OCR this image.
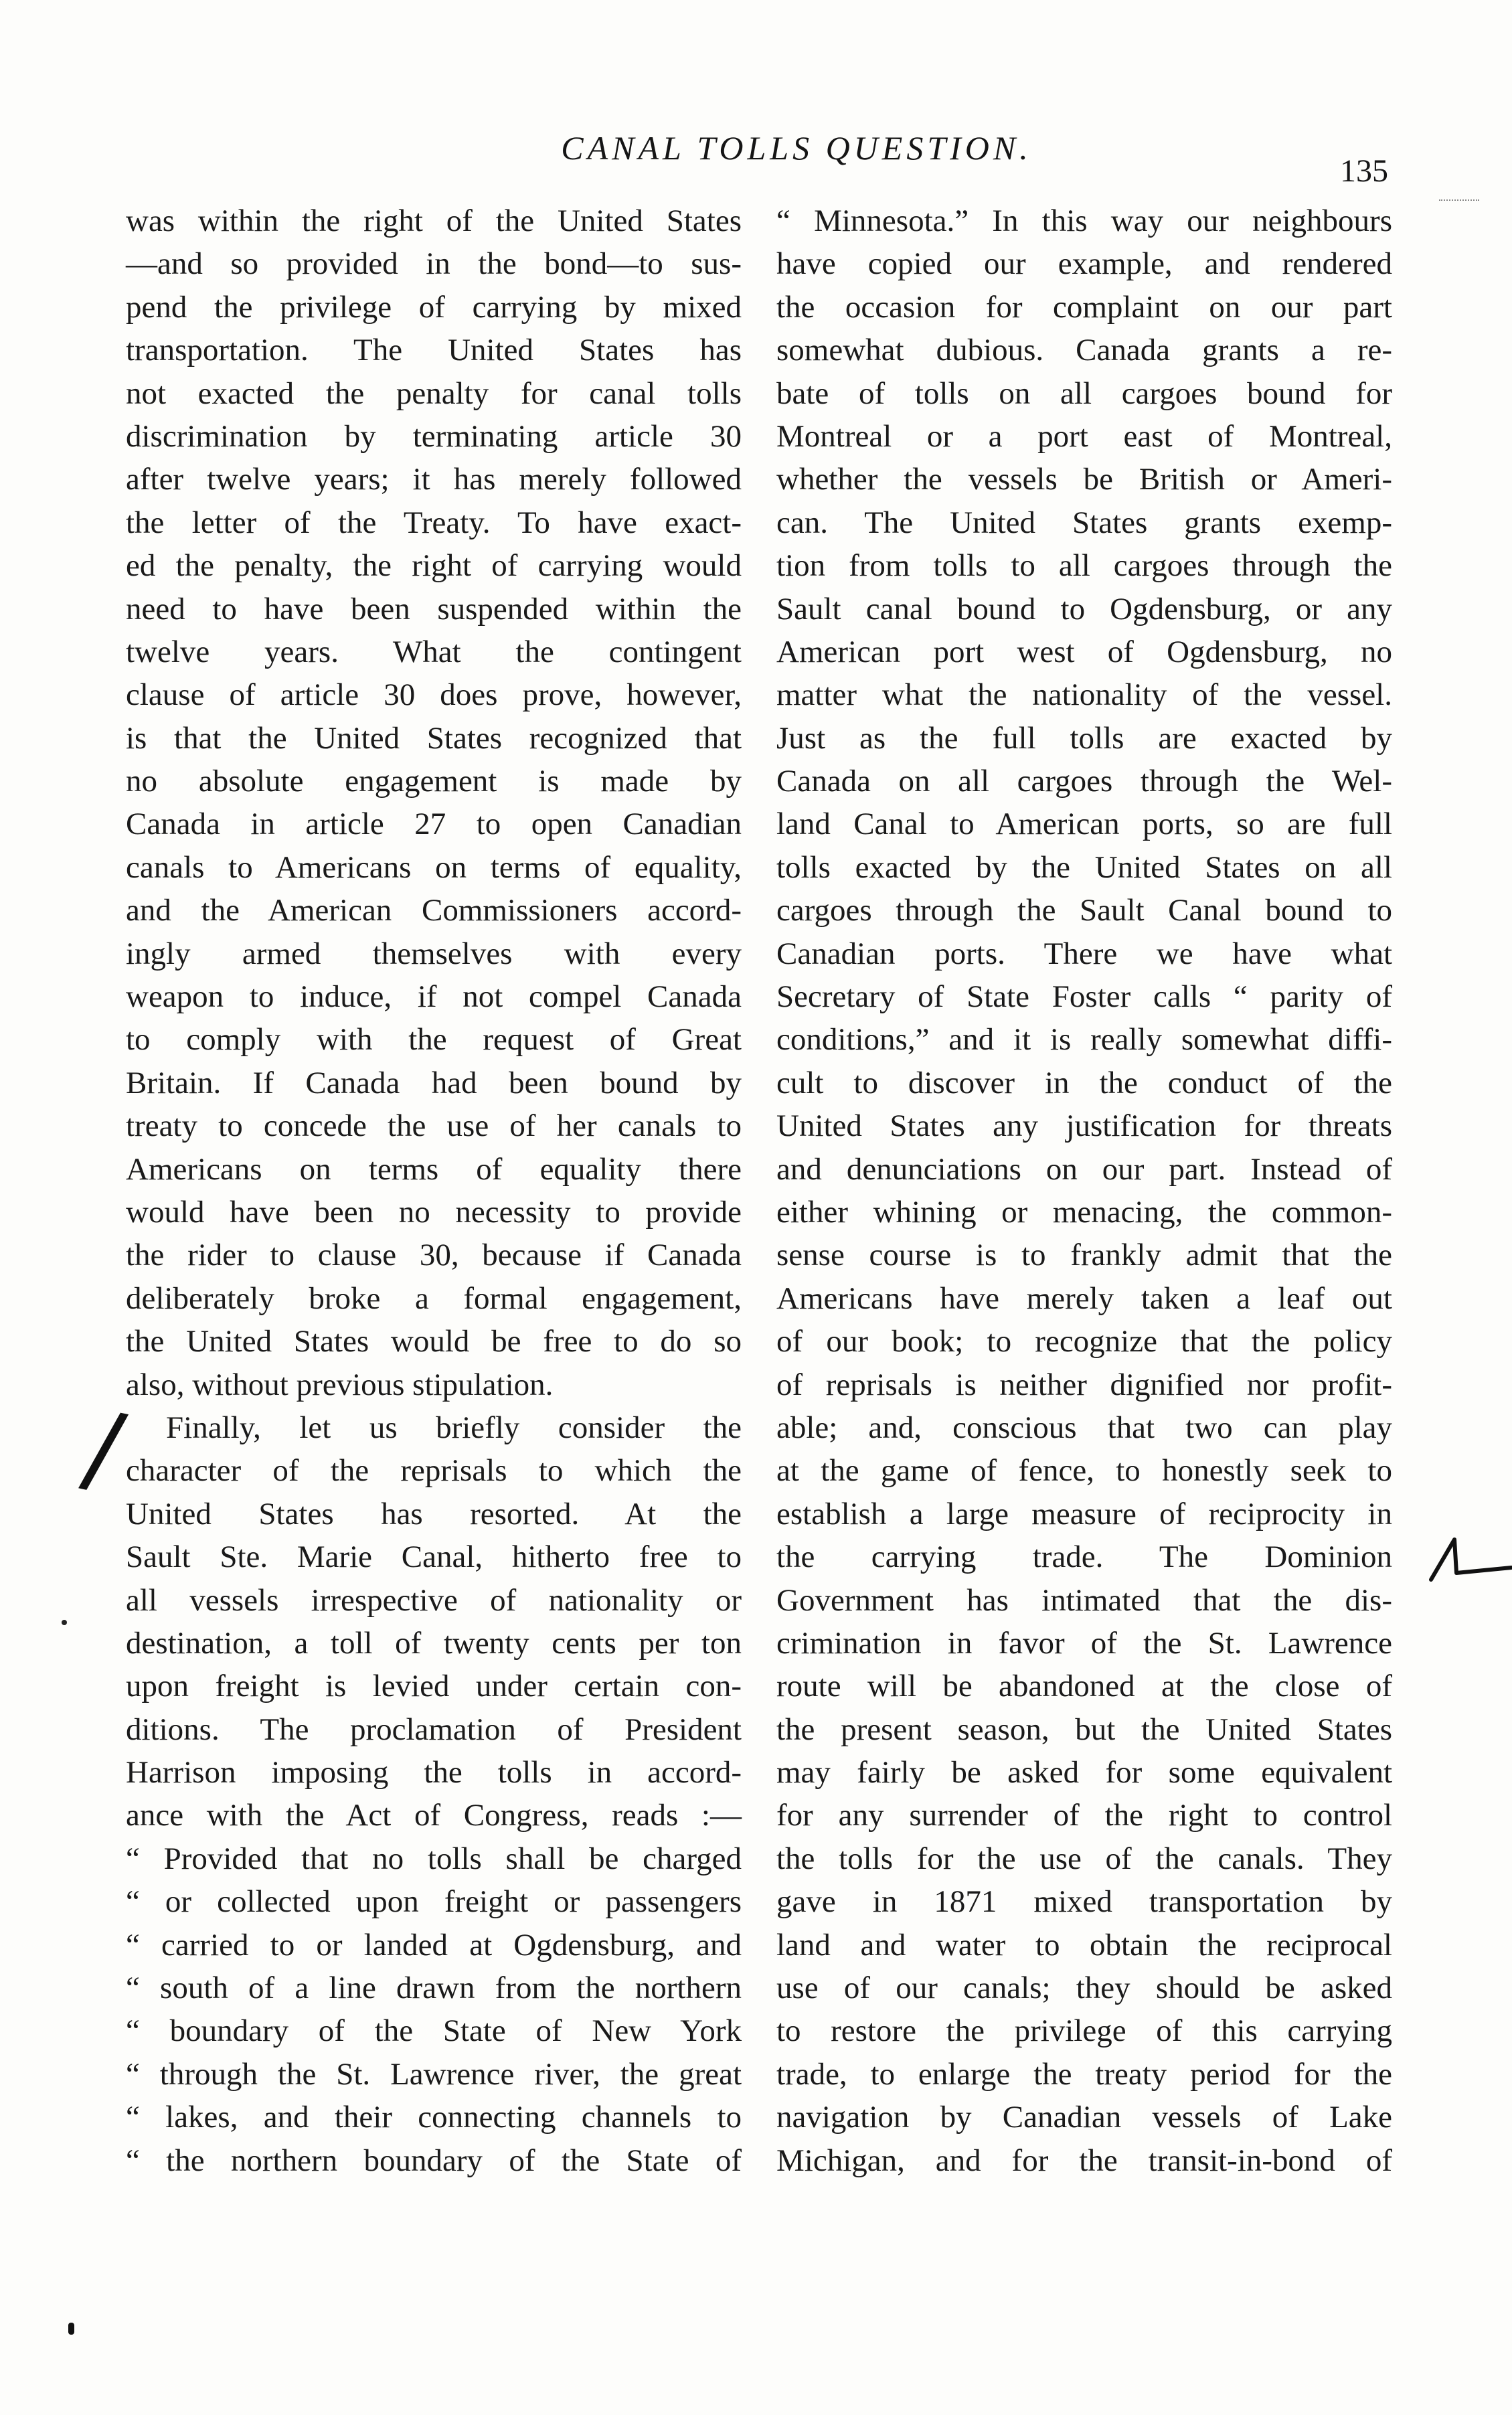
CANAL TOLLS QUESTION.
135
was within the right of the United States
—and so provided in the bond—to sus-
pend the privilege of carrying by mixed
transportation. The United States has
not exacted the penalty for canal tolls
discrimination by terminating article 30
after twelve years; it has merely followed
the letter of the Treaty. To have exact-
ed the penalty, the right of carrying would
need to have been suspended within the
twelve years. What the contingent
clause of article 30 does prove, however,
is that the United States recognized that
no absolute engagement is made by
Canada in article 27 to open Canadian
canals to Americans on terms of equality,
and the American Commissioners accord-
ingly armed themselves with every
weapon to induce, if not compel Canada
to comply with the request of Great
Britain. If Canada had been bound by
treaty to concede the use of her canals to
Americans on terms of equality there
would have been no necessity to provide
the rider to clause 30, because if Canada
deliberately broke a formal engagement,
the United States would be free to do so
also, without previous stipulation.
Finally, let us briefly consider the
character of the reprisals to which the
United States has resorted. At the
Sault Ste. Marie Canal, hitherto free to
all vessels irrespective of nationality or
destination, a toll of twenty cents per ton
upon freight is levied under certain con-
ditions. The proclamation of President
Harrison imposing the tolls in accord-
ance with the Act of Congress, reads :—
“ Provided that no tolls shall be charged
“ or collected upon freight or passengers
“ carried to or landed at Ogdensburg, and
“ south of a line drawn from the northern
“ boundary of the State of New York
“ through the St. Lawrence river, the great
“ lakes, and their connecting channels to
“ the northern boundary of the State of
“ Minnesota.” In this way our neighbours
have copied our example, and rendered
the occasion for complaint on our part
somewhat dubious. Canada grants a re-
bate of tolls on all cargoes bound for
Montreal or a port east of Montreal,
whether the vessels be British or Ameri-
can. The United States grants exemp-
tion from tolls to all cargoes through the
Sault canal bound to Ogdensburg, or any
American port west of Ogdensburg, no
matter what the nationality of the vessel.
Just as the full tolls are exacted by
Canada on all cargoes through the Wel-
land Canal to American ports, so are full
tolls exacted by the United States on all
cargoes through the Sault Canal bound to
Canadian ports. There we have what
Secretary of State Foster calls “ parity of
conditions,” and it is really somewhat diffi-
cult to discover in the conduct of the
United States any justification for threats
and denunciations on our part. Instead of
either whining or menacing, the common-
sense course is to frankly admit that the
Americans have merely taken a leaf out
of our book; to recognize that the policy
of reprisals is neither dignified nor profit-
able; and, conscious that two can play
at the game of fence, to honestly seek to
establish a large measure of reciprocity in
the carrying trade. The Dominion
Government has intimated that the dis-
crimination in favor of the St. Lawrence
route will be abandoned at the close of
the present season, but the United States
may fairly be asked for some equivalent
for any surrender of the right to control
the tolls for the use of the canals. They
gave in 1871 mixed transportation by
land and water to obtain the reciprocal
use of our canals; they should be asked
to restore the privilege of this carrying
trade, to enlarge the treaty period for the
navigation by Canadian vessels of Lake
Michigan, and for the transit-in-bond of
/
